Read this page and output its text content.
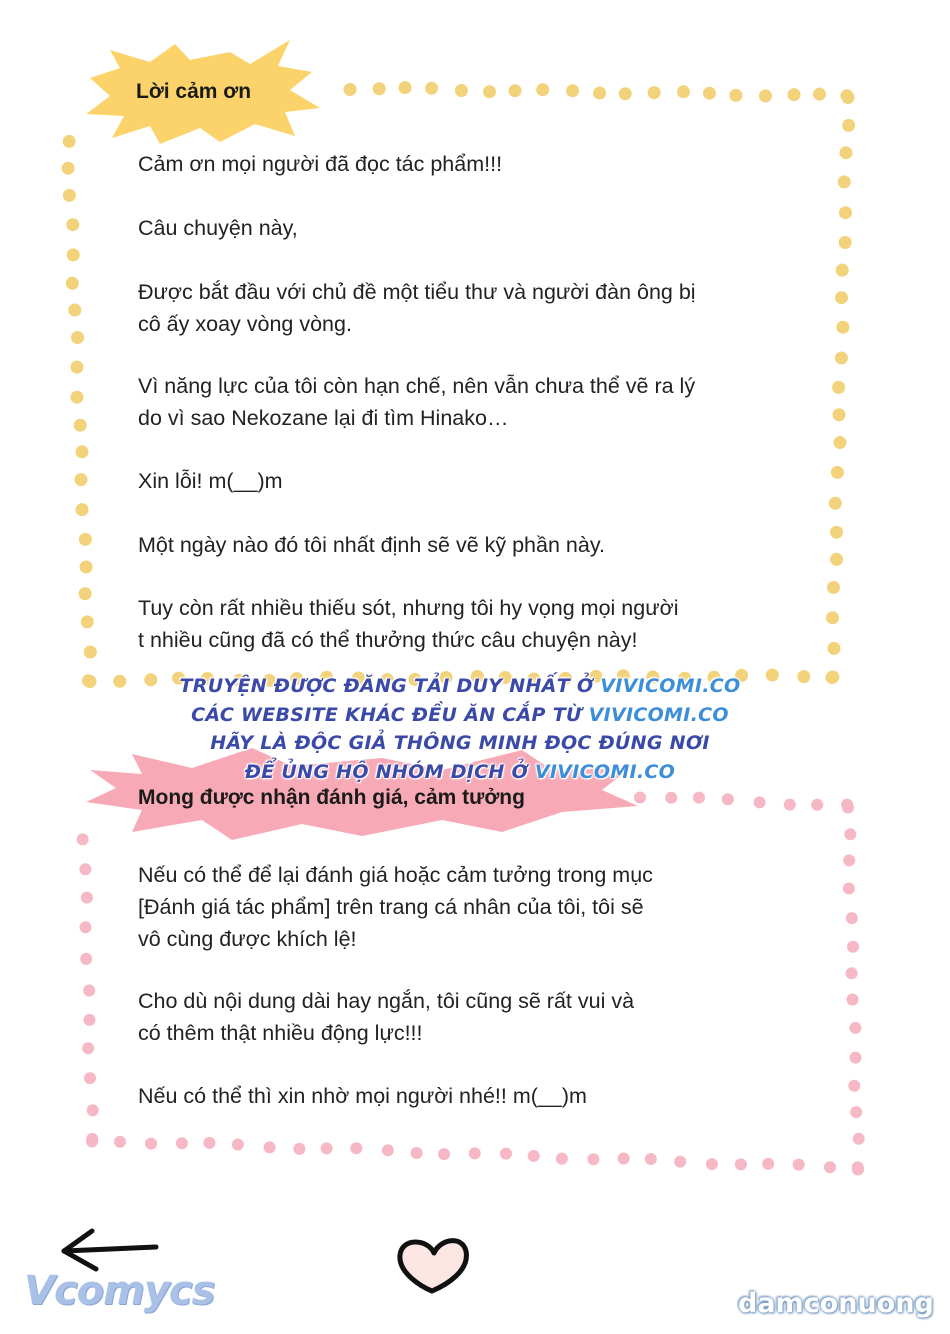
Lời cảm ơn
Cảm ơn mọi người đã đọc tác phẩm!!!
Câu chuyện này,
Được bắt đầu với chủ đề một tiểu thư và người đàn ông bị
cô ấy xoay vòng vòng.
Vì năng lực của tôi còn hạn chế, nên vẫn chưa thể vẽ ra lý
do vì sao Nekozane lại đi tìm Hinako…
Xin lỗi! m(__)m
Một ngày nào đó tôi nhất định sẽ vẽ kỹ phần này.
Tuy còn rất nhiều thiếu sót, nhưng tôi hy vọng mọi người
t nhiều cũng đã có thể thưởng thức câu chuyện này!
TRUYỆN ĐƯỢC ĐĂNG TẢI DUY NHẤT Ở VIVICOMI.CO
CÁC WEBSITE KHÁC ĐỀU ĂN CẮP TỪ VIVICOMI.CO
HÃY LÀ ĐỘC GIẢ THÔNG MINH ĐỌC ĐÚNG NƠI
ĐỂ ỦNG HỘ NHÓM DỊCH Ở VIVICOMI.CO
Mong được nhận đánh giá, cảm tưởng
Nếu có thể để lại đánh giá hoặc cảm tưởng trong mục
[Đánh giá tác phẩm] trên trang cá nhân của tôi, tôi sẽ
vô cùng được khích lệ!
Cho dù nội dung dài hay ngắn, tôi cũng sẽ rất vui và
có thêm thật nhiều động lực!!!
Nếu có thể thì xin nhờ mọi người nhé!! m(__)m
Vcomycs	damconuong
